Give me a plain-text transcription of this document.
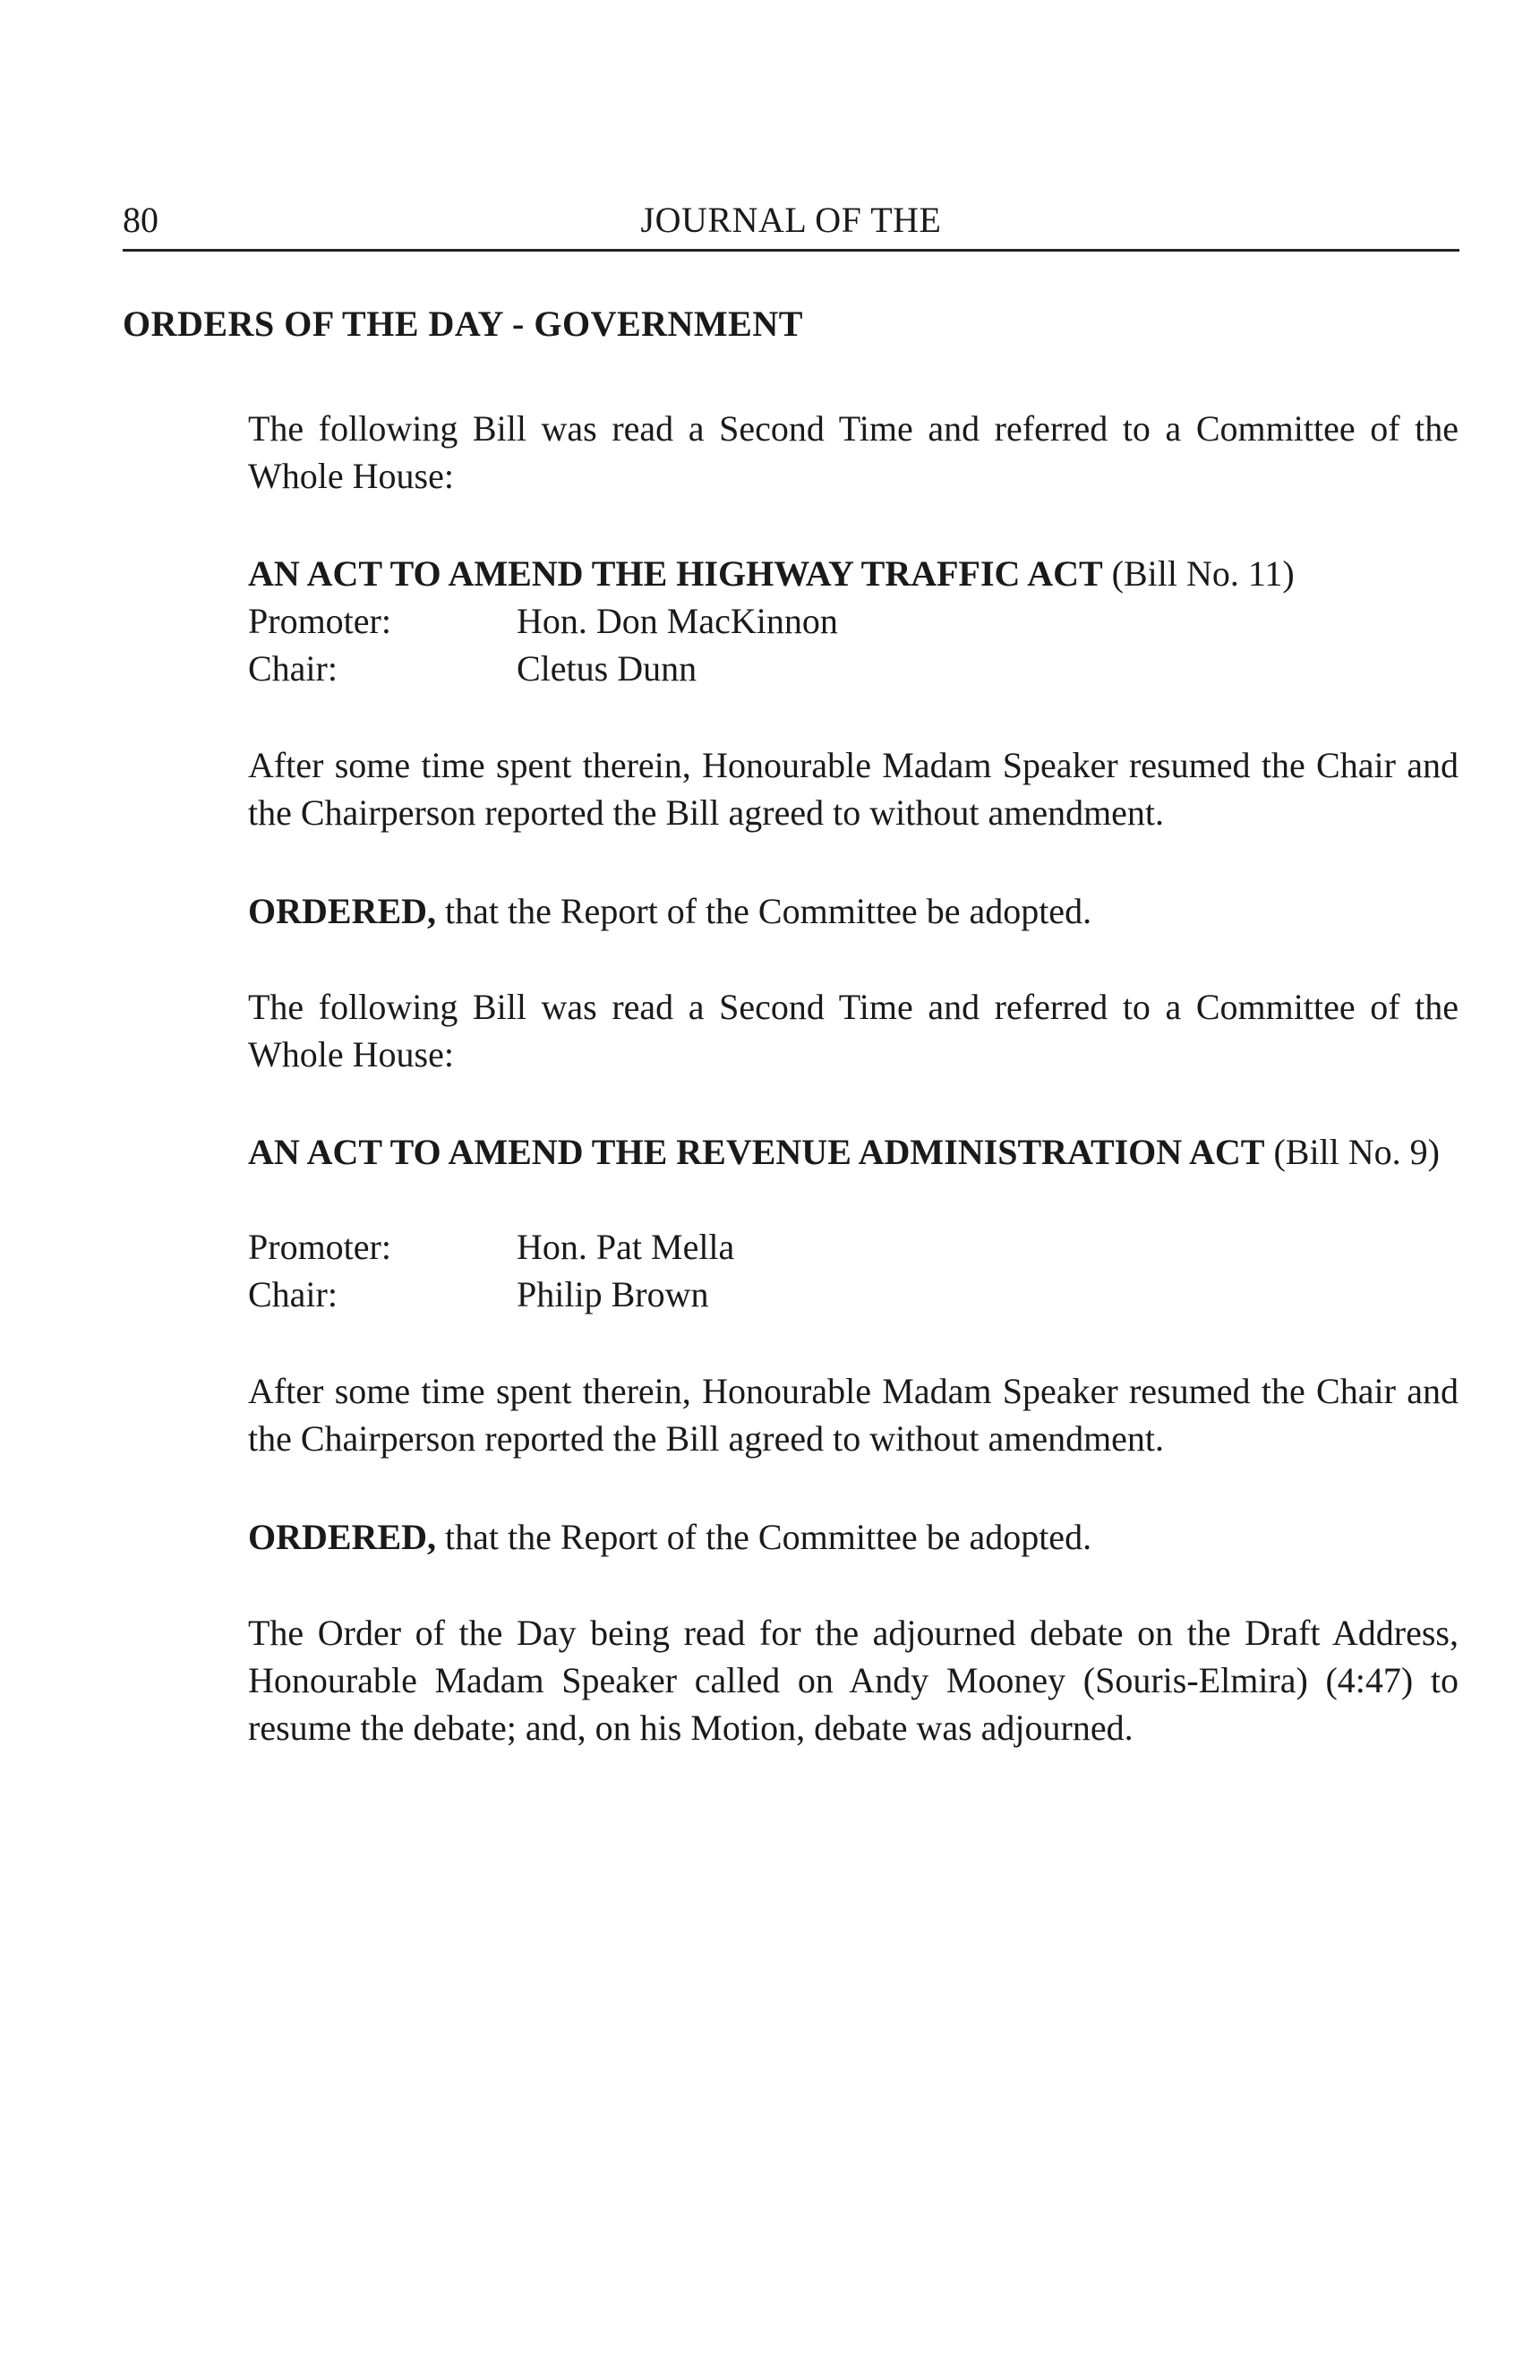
80	JOURNAL OF THE
ORDERS OF THE DAY - GOVERNMENT
The following Bill was read a Second Time and referred to a Committee of the Whole House:
AN ACT TO AMEND THE HIGHWAY TRAFFIC ACT (Bill No. 11)
Promoter:	Hon. Don MacKinnon
Chair:	Cletus Dunn
After some time spent therein, Honourable Madam Speaker resumed the Chair and the Chairperson reported the Bill agreed to without amendment.
ORDERED, that the Report of the Committee be adopted.
The following Bill was read a Second Time and referred to a Committee of the Whole House:
AN ACT TO AMEND THE REVENUE ADMINISTRATION ACT (Bill No. 9)
Promoter:	Hon. Pat Mella
Chair:	Philip Brown
After some time spent therein, Honourable Madam Speaker resumed the Chair and the Chairperson reported the Bill agreed to without amendment.
ORDERED, that the Report of the Committee be adopted.
The Order of the Day being read for the adjourned debate on the Draft Address, Honourable Madam Speaker called on Andy Mooney (Souris-Elmira) (4:47) to resume the debate; and, on his Motion, debate was adjourned.
